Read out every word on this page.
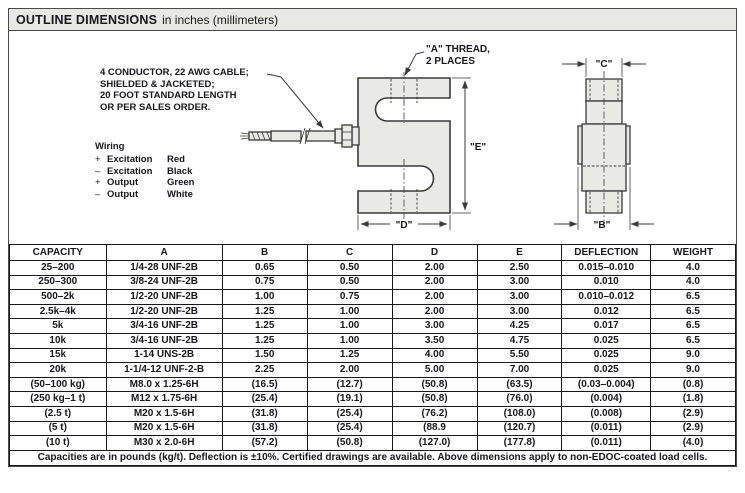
OUTLINE DIMENSIONS in inches (millimeters)
"E"
"D"
"C"
"B"
4 CONDUCTOR, 22 AWG CABLE;
SHIELDED & JACKETED;
20 FOOT STANDARD LENGTH
OR PER SALES ORDER.
Wiring
+ Excitation	Red
– Excitation	Black
+ Output	Green
– Output	White
"A" THREAD,
2 PLACES
CAPACITY	A	B	C	D	E	DEFLECTION	WEIGHT
25–200	1/4-28 UNF-2B	0.65	0.50	2.00	2.50	0.015–0.010	4.0
250–300	3/8-24 UNF-2B	0.75	0.50	2.00	3.00	0.010	4.0
500–2k	1/2-20 UNF-2B	1.00	0.75	2.00	3.00	0.010–0.012	6.5
2.5k–4k	1/2-20 UNF-2B	1.25	1.00	2.00	3.00	0.012	6.5
5k	3/4-16 UNF-2B	1.25	1.00	3.00	4.25	0.017	6.5
10k	3/4-16 UNF-2B	1.25	1.00	3.50	4.75	0.025	6.5
15k	1-14 UNS-2B	1.50	1.25	4.00	5.50	0.025	9.0
20k	1-1/4-12 UNF-2-B	2.25	2.00	5.00	7.00	0.025	9.0
(50–100 kg)	M8.0 x 1.25-6H	(16.5)	(12.7)	(50.8)	(63.5)	(0.03–0.004)	(0.8)
(250 kg–1 t)	M12 x 1.75-6H	(25.4)	(19.1)	(50.8)	(76.0)	(0.004)	(1.8)
(2.5 t)	M20 x 1.5-6H	(31.8)	(25.4)	(76.2)	(108.0)	(0.008)	(2.9)
(5 t)	M20 x 1.5-6H	(31.8)	(25.4)	(88.9	(120.7)	(0.011)	(2.9)
(10 t)	M30 x 2.0-6H	(57.2)	(50.8)	(127.0)	(177.8)	(0.011)	(4.0)
Capacities are in pounds (kg/t). Deflection is ±10%. Certified drawings are available. Above dimensions apply to non-EDOC-coated load cells.							
